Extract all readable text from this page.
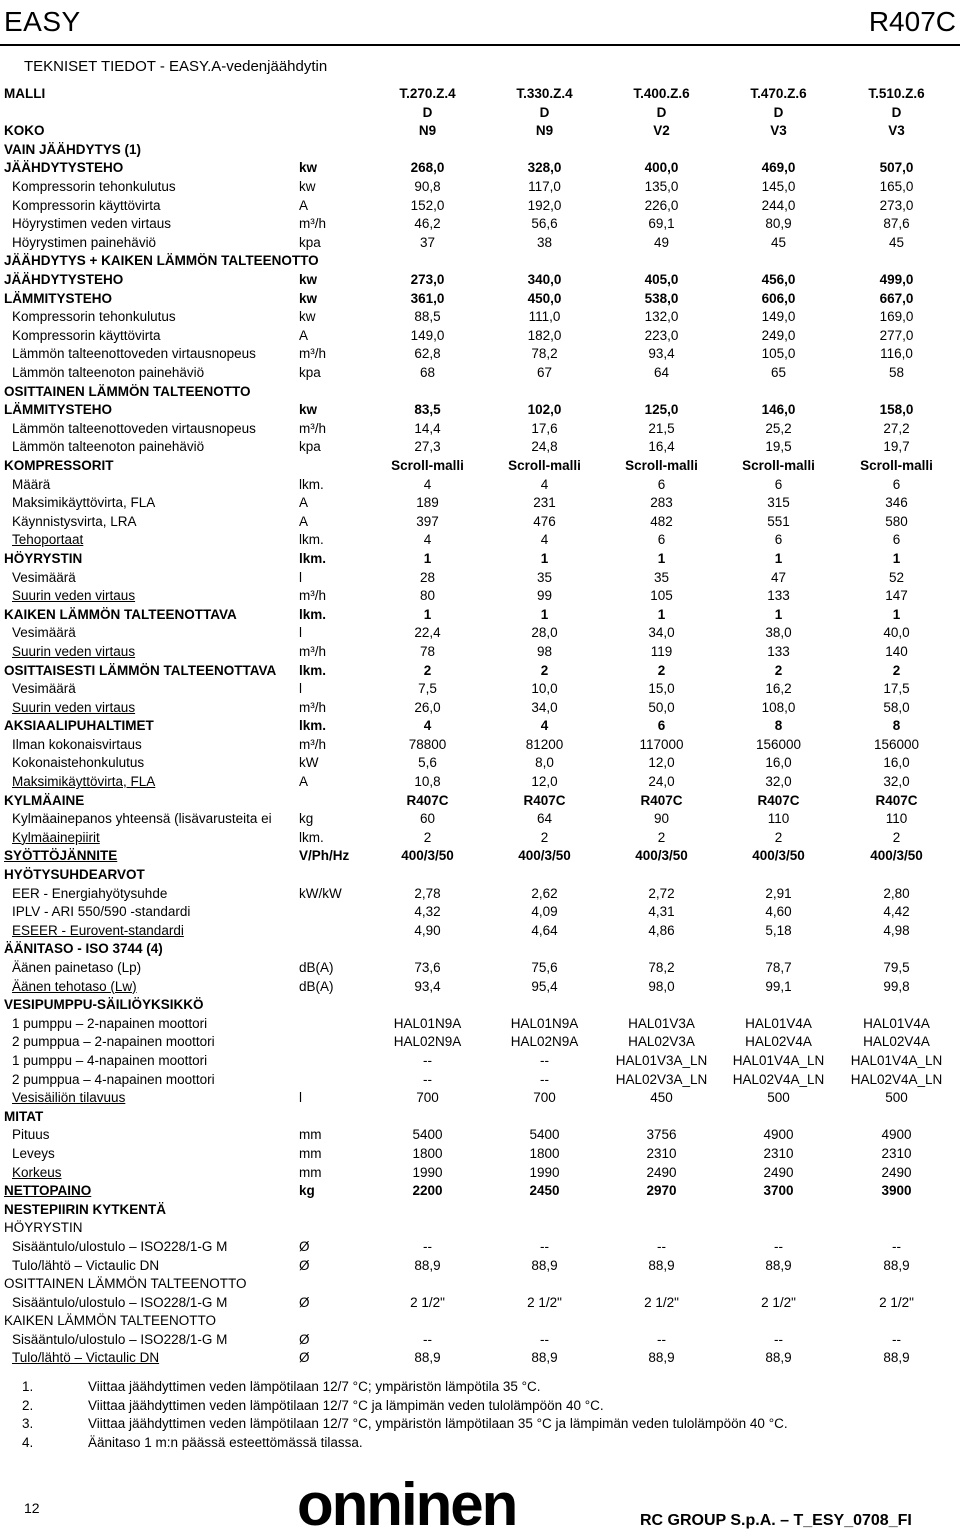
EASY	R407C
TEKNISET TIEDOT - EASY.A-vedenjäähdytin
MALLI		T.270.Z.4	T.330.Z.4	T.400.Z.6	T.470.Z.6	T.510.Z.6
		D	D	D	D	D
KOKO		N9	N9	V2	V3	V3
VAIN JÄÄHDYTYS (1)						
JÄÄHDYTYSTEHO	kw	268,0	328,0	400,0	469,0	507,0
Kompressorin tehonkulutus	kw	90,8	117,0	135,0	145,0	165,0
Kompressorin käyttövirta	A	152,0	192,0	226,0	244,0	273,0
Höyrystimen veden virtaus	m³/h	46,2	56,6	69,1	80,9	87,6
Höyrystimen painehäviö	kpa	37	38	49	45	45
JÄÄHDYTYS + KAIKEN LÄMMÖN TALTEENOTTO						
JÄÄHDYTYSTEHO	kw	273,0	340,0	405,0	456,0	499,0
LÄMMITYSTEHO	kw	361,0	450,0	538,0	606,0	667,0
Kompressorin tehonkulutus	kw	88,5	111,0	132,0	149,0	169,0
Kompressorin käyttövirta	A	149,0	182,0	223,0	249,0	277,0
Lämmön talteenottoveden virtausnopeus	m³/h	62,8	78,2	93,4	105,0	116,0
Lämmön talteenoton painehäviö	kpa	68	67	64	65	58
OSITTAINEN LÄMMÖN TALTEENOTTO						
LÄMMITYSTEHO	kw	83,5	102,0	125,0	146,0	158,0
Lämmön talteenottoveden virtausnopeus	m³/h	14,4	17,6	21,5	25,2	27,2
Lämmön talteenoton painehäviö	kpa	27,3	24,8	16,4	19,5	19,7
KOMPRESSORIT		Scroll-malli	Scroll-malli	Scroll-malli	Scroll-malli	Scroll-malli
Määrä	lkm.	4	4	6	6	6
Maksimikäyttövirta, FLA	A	189	231	283	315	346
Käynnistysvirta, LRA	A	397	476	482	551	580
Tehoportaat	lkm.	4	4	6	6	6
HÖYRYSTIN	lkm.	1	1	1	1	1
Vesimäärä	l	28	35	35	47	52
Suurin veden virtaus	m³/h	80	99	105	133	147
KAIKEN LÄMMÖN TALTEENOTTAVA	lkm.	1	1	1	1	1
Vesimäärä	l	22,4	28,0	34,0	38,0	40,0
Suurin veden virtaus	m³/h	78	98	119	133	140
OSITTAISESTI LÄMMÖN TALTEENOTTAVA	lkm.	2	2	2	2	2
Vesimäärä	l	7,5	10,0	15,0	16,2	17,5
Suurin veden virtaus	m³/h	26,0	34,0	50,0	108,0	58,0
AKSIAALIPUHALTIMET	lkm.	4	4	6	8	8
Ilman kokonaisvirtaus	m³/h	78800	81200	117000	156000	156000
Kokonaistehonkulutus	kW	5,6	8,0	12,0	16,0	16,0
Maksimikäyttövirta, FLA	A	10,8	12,0	24,0	32,0	32,0
KYLMÄAINE		R407C	R407C	R407C	R407C	R407C
Kylmäainepanos yhteensä (lisävarusteita ei	kg	60	64	90	110	110
Kylmäainepiirit	lkm.	2	2	2	2	2
SYÖTTÖJÄNNITE	V/Ph/Hz	400/3/50	400/3/50	400/3/50	400/3/50	400/3/50
HYÖTYSUHDEARVOT						
EER - Energiahyötysuhde	kW/kW	2,78	2,62	2,72	2,91	2,80
IPLV - ARI 550/590 -standardi		4,32	4,09	4,31	4,60	4,42
ESEER - Eurovent-standardi		4,90	4,64	4,86	5,18	4,98
ÄÄNITASO - ISO 3744 (4)						
Äänen painetaso (Lp)	dB(A)	73,6	75,6	78,2	78,7	79,5
Äänen tehotaso (Lw)	dB(A)	93,4	95,4	98,0	99,1	99,8
VESIPUMPPU-SÄILIÖYKSIKKÖ						
1 pumppu – 2-napainen moottori		HAL01N9A	HAL01N9A	HAL01V3A	HAL01V4A	HAL01V4A
2 pumppua – 2-napainen moottori		HAL02N9A	HAL02N9A	HAL02V3A	HAL02V4A	HAL02V4A
1 pumppu – 4-napainen moottori		--	--	HAL01V3A_LN	HAL01V4A_LN	HAL01V4A_LN
2 pumppua – 4-napainen moottori		--	--	HAL02V3A_LN	HAL02V4A_LN	HAL02V4A_LN
Vesisäiliön tilavuus	l	700	700	450	500	500
MITAT						
Pituus	mm	5400	5400	3756	4900	4900
Leveys	mm	1800	1800	2310	2310	2310
Korkeus	mm	1990	1990	2490	2490	2490
NETTOPAINO	kg	2200	2450	2970	3700	3900
NESTEPIIRIN KYTKENTÄ						
HÖYRYSTIN						
Sisääntulo/ulostulo – ISO228/1-G M	Ø	--	--	--	--	--
Tulo/lähtö – Victaulic DN	Ø	88,9	88,9	88,9	88,9	88,9
OSITTAINEN LÄMMÖN TALTEENOTTO						
Sisääntulo/ulostulo – ISO228/1-G M	Ø	2 1/2"	2 1/2"	2 1/2"	2 1/2"	2 1/2"
KAIKEN LÄMMÖN TALTEENOTTO						
Sisääntulo/ulostulo – ISO228/1-G M	Ø	--	--	--	--	--
Tulo/lähtö – Victaulic DN	Ø	88,9	88,9	88,9	88,9	88,9
1.	Viittaa jäähdyttimen veden lämpötilaan 12/7 °C; ympäristön lämpötila 35 °C.
2.	Viittaa jäähdyttimen veden lämpötilaan 12/7 °C ja lämpimän veden tulolämpöön 40 °C.
3.	Viittaa jäähdyttimen veden lämpötilaan 12/7 °C, ympäristön lämpötilaan 35 °C ja lämpimän veden tulolämpöön 40 °C.
4.	Äänitaso 1 m:n päässä esteettömässä tilassa.
12	onninen	RC GROUP S.p.A. – T_ESY_0708_FI
